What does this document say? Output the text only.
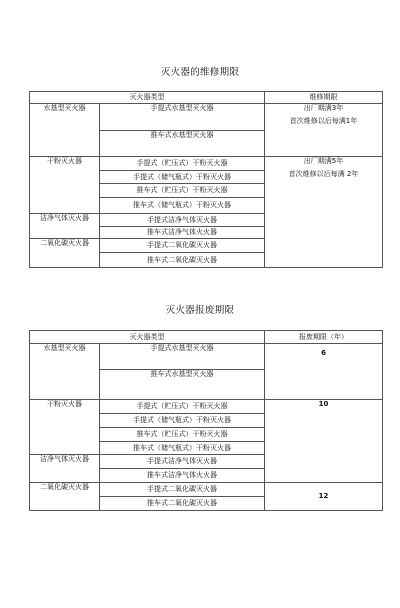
灭火器的维修期限
灭火器类型		维修期限
水基型灭火器	手提式水基型灭火器	出厂期满3年
首次维修以后每满1年

	推车式水基型灭火器	
干粉灭火器	手提式（贮压式）干粉灭火器	出厂期满5年
首次维修以后每满 2年

	手提式（储气瓶式）干粉灭火器	
	推车式（贮压式）干粉灭火器	
	推车式（储气瓶式）干粉灭火器	
洁净气体灭火器	手提式洁净气体灭火器	
	推车式洁净气体火火器	
二氧化碳灭火器	手提式二氧化碳灭火器	
	推车式二氧化碳灭火器	
灭火器报废期限
灭火器类型		报废期限（年）
水基型灭火器	手提式水基型灭火器	6
	推车式水基型灭火器	
干粉灭火器	手提式（贮压式）干粉灭火器	10
	手提式（储气瓶式）干粉灭火器	
	推车式（贮压式）干粉灭火器	
	推车式（储气瓶式）干粉灭火器	
洁净气体灭火器	手提式洁净气体灭火器	
	推车式洁净气体火火器	
二氧化碳灭火器	手提式二氧化碳灭火器	12
	推车式二氧化碳灭火器	
